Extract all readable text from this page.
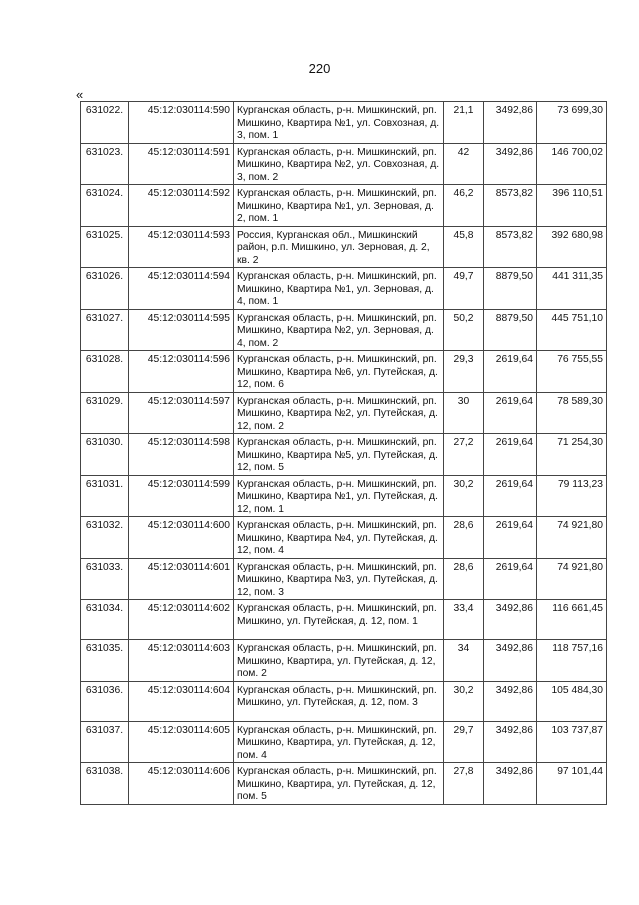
220
«
631022.	45:12:030114:590	Курганская область, р-н. Мишкинский, рп. Мишкино, Квартира №1, ул. Совхозная, д. 3, пом. 1	21,1	3492,86	73 699,30
631023.	45:12:030114:591	Курганская область, р-н. Мишкинский, рп. Мишкино, Квартира №2, ул. Совхозная, д. 3, пом. 2	42	3492,86	146 700,02
631024.	45:12:030114:592	Курганская область, р-н. Мишкинский, рп. Мишкино, Квартира №1, ул. Зерновая, д. 2, пом. 1	46,2	8573,82	396 110,51
631025.	45:12:030114:593	Россия, Курганская обл., Мишкинский район, р.п. Мишкино, ул. Зерновая, д. 2, кв. 2	45,8	8573,82	392 680,98
631026.	45:12:030114:594	Курганская область, р-н. Мишкинский, рп. Мишкино, Квартира №1, ул. Зерновая, д. 4, пом. 1	49,7	8879,50	441 311,35
631027.	45:12:030114:595	Курганская область, р-н. Мишкинский, рп. Мишкино, Квартира №2, ул. Зерновая, д. 4, пом. 2	50,2	8879,50	445 751,10
631028.	45:12:030114:596	Курганская область, р-н. Мишкинский, рп. Мишкино, Квартира №6, ул. Путейская, д. 12, пом. 6	29,3	2619,64	76 755,55
631029.	45:12:030114:597	Курганская область, р-н. Мишкинский, рп. Мишкино, Квартира №2, ул. Путейская, д. 12, пом. 2	30	2619,64	78 589,30
631030.	45:12:030114:598	Курганская область, р-н. Мишкинский, рп. Мишкино, Квартира №5, ул. Путейская, д. 12, пом. 5	27,2	2619,64	71 254,30
631031.	45:12:030114:599	Курганская область, р-н. Мишкинский, рп. Мишкино, Квартира №1, ул. Путейская, д. 12, пом. 1	30,2	2619,64	79 113,23
631032.	45:12:030114:600	Курганская область, р-н. Мишкинский, рп. Мишкино, Квартира №4, ул. Путейская, д. 12, пом. 4	28,6	2619,64	74 921,80
631033.	45:12:030114:601	Курганская область, р-н. Мишкинский, рп. Мишкино, Квартира №3, ул. Путейская, д. 12, пом. 3	28,6	2619,64	74 921,80
631034.	45:12:030114:602	Курганская область, р-н. Мишкинский, рп. Мишкино, ул. Путейская, д. 12, пом. 1	33,4	3492,86	116 661,45
631035.	45:12:030114:603	Курганская область, р-н. Мишкинский, рп. Мишкино, Квартира, ул. Путейская, д. 12, пом. 2	34	3492,86	118 757,16
631036.	45:12:030114:604	Курганская область, р-н. Мишкинский, рп. Мишкино, ул. Путейская, д. 12, пом. 3	30,2	3492,86	105 484,30
631037.	45:12:030114:605	Курганская область, р-н. Мишкинский, рп. Мишкино, Квартира, ул. Путейская, д. 12, пом. 4	29,7	3492,86	103 737,87
631038.	45:12:030114:606	Курганская область, р-н. Мишкинский, рп. Мишкино, Квартира, ул. Путейская, д. 12, пом. 5	27,8	3492,86	97 101,44
